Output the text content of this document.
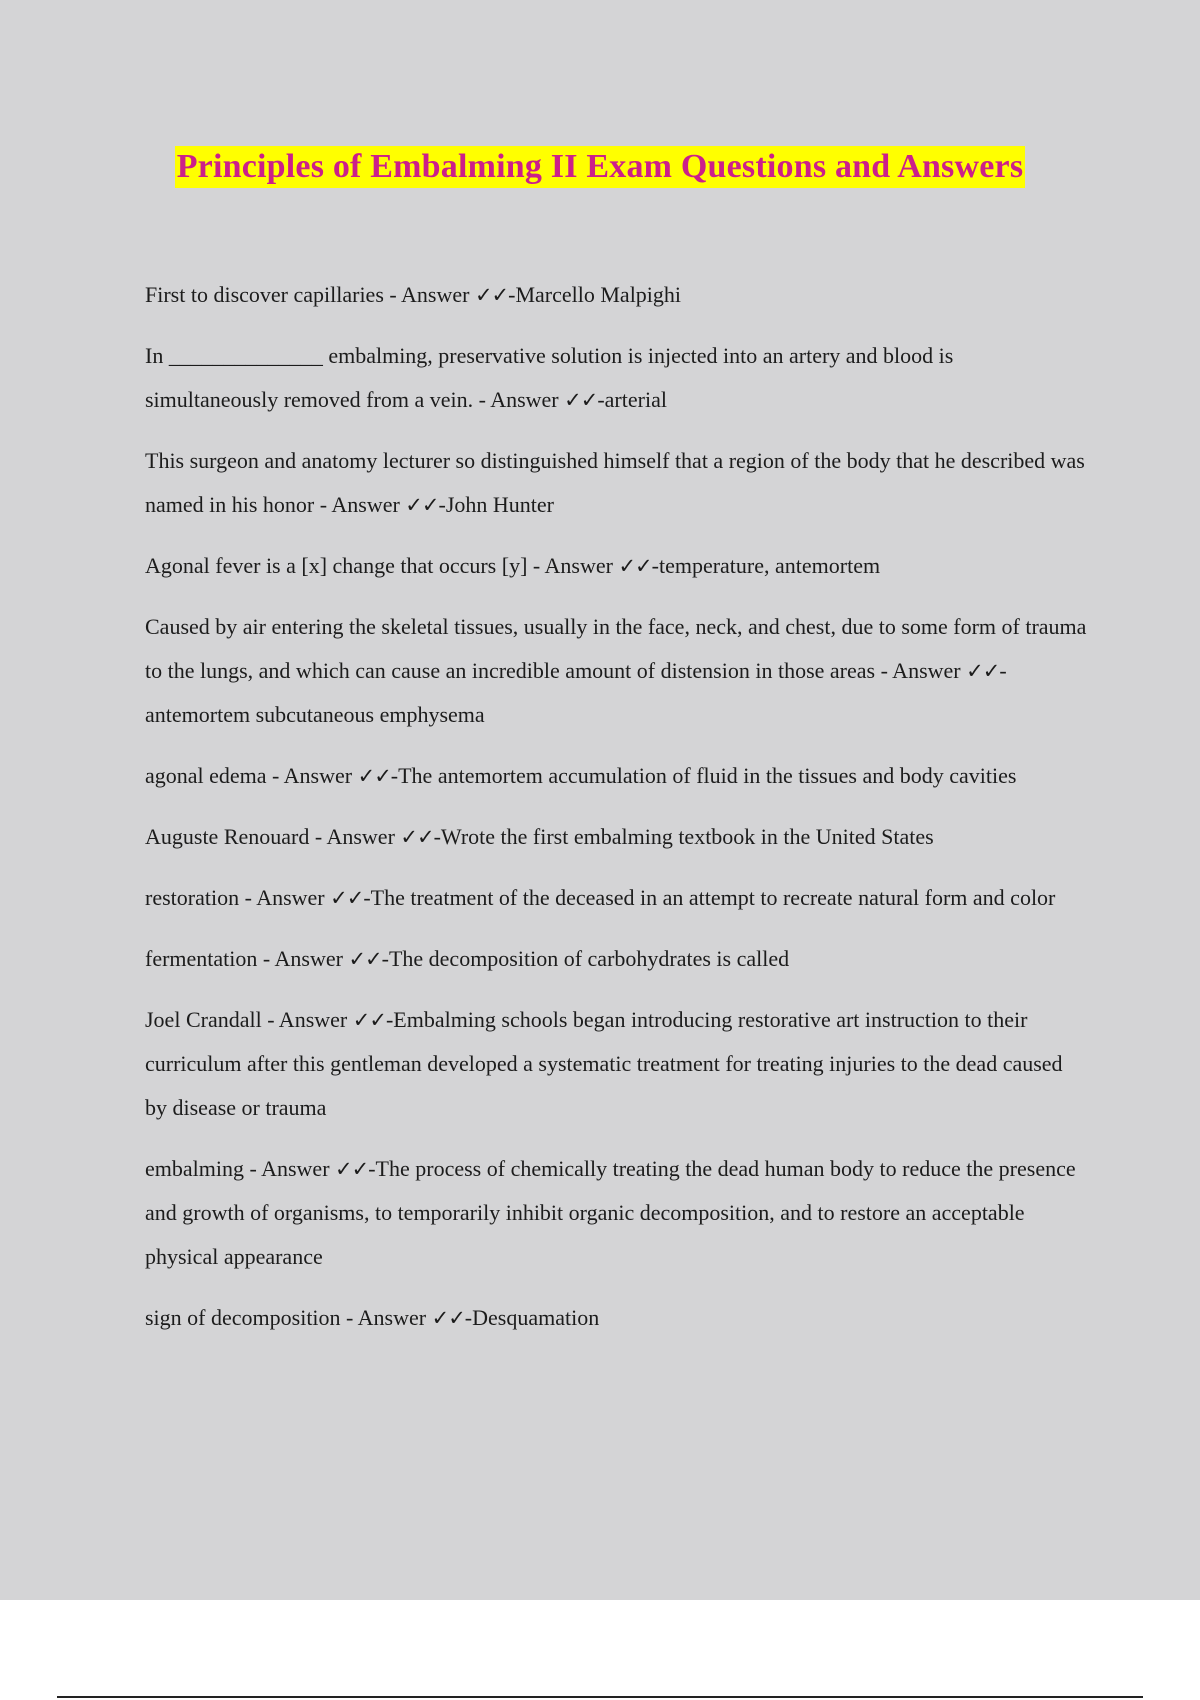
Principles of Embalming II Exam Questions and Answers

First to discover capillaries - Answer ✓✓-Marcello Malpighi

In ______________ embalming, preservative solution is injected into an artery and blood is simultaneously removed from a vein. - Answer ✓✓-arterial

This surgeon and anatomy lecturer so distinguished himself that a region of the body that he described was named in his honor - Answer ✓✓-John Hunter

Agonal fever is a [x] change that occurs [y] - Answer ✓✓-temperature, antemortem

Caused by air entering the skeletal tissues, usually in the face, neck, and chest, due to some form of trauma to the lungs, and which can cause an incredible amount of distension in those areas - Answer ✓✓-antemortem subcutaneous emphysema

agonal edema - Answer ✓✓-The antemortem accumulation of fluid in the tissues and body cavities

Auguste Renouard - Answer ✓✓-Wrote the first embalming textbook in the United States

restoration - Answer ✓✓-The treatment of the deceased in an attempt to recreate natural form and color

fermentation - Answer ✓✓-The decomposition of carbohydrates is called

Joel Crandall - Answer ✓✓-Embalming schools began introducing restorative art instruction to their curriculum after this gentleman developed a systematic treatment for treating injuries to the dead caused by disease or trauma

embalming - Answer ✓✓-The process of chemically treating the dead human body to reduce the presence and growth of organisms, to temporarily inhibit organic decomposition, and to restore an acceptable physical appearance

sign of decomposition - Answer ✓✓-Desquamation
